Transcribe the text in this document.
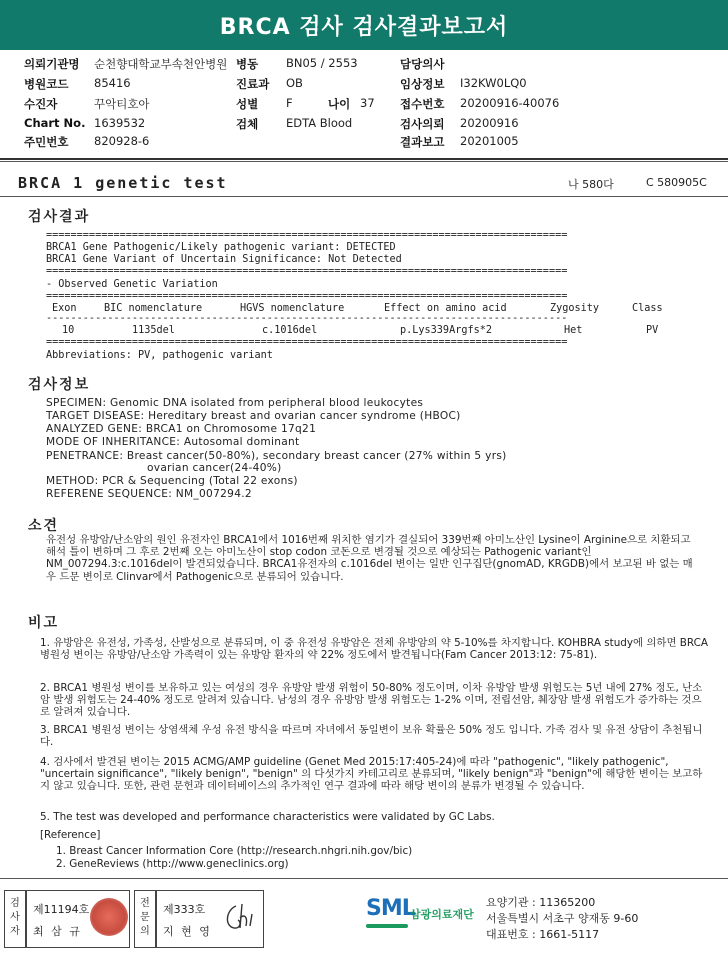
BRCA 검사 검사결과보고서
의뢰기관명 순천향대학교부속천안병원 병동 BN05 / 2553	담당의사
병원코드 85416	진료과 OB	임상정보 I32KW0LQ0
수진자	꾸악티호아	성별 F	나이 37 접수번호 20200916-40076
Chart No. 1639532	검체 EDTA Blood	검사의뢰 20200916
주민번호 820928-6	결과보고 20201005
BRCA 1 genetic test	나 580다	C 580905C
검사결과
=====================================================================================
BRCA1 Gene Pathogenic/Likely pathogenic variant: DETECTED
BRCA1 Gene Variant of Uncertain Significance: Not Detected
=====================================================================================
- Observed Genetic Variation
=====================================================================================
Exon	BIC nomenclature	HGVS nomenclature	Effect on amino acid	Zygosity	Class
-------------------------------------------------------------------------------------
10	1135del	c.1016del	p.Lys339Argfs*2	Het	PV
=====================================================================================
Abbreviations: PV, pathogenic variant
검사정보
SPECIMEN: Genomic DNA isolated from peripheral blood leukocytes
TARGET DISEASE: Hereditary breast and ovarian cancer syndrome (HBOC)
ANALYZED GENE: BRCA1 on Chromosome 17q21
MODE OF INHERITANCE: Autosomal dominant
PENETRANCE: Breast cancer(50-80%), secondary breast cancer (27% within 5 yrs)
ovarian cancer(24-40%)
METHOD: PCR & Sequencing (Total 22 exons)
REFERENE SEQUENCE: NM_007294.2
소견
유전성 유방암/난소암의 원인 유전자인 BRCA1에서 1016번째 위치한 염기가 결실되어 339번째 아미노산인 Lysine이 Arginine으로 치환되고 해석 틀이 변하며 그 후로 2번째 오는 아미노산이 stop codon 코돈으로 변경될 것으로 예상되는 Pathogenic variant인 NM_007294.3:c.1016del이 발견되었습니다. BRCA1유전자의 c.1016del 변이는 일반 인구집단(gnomAD, KRGDB)에서 보고된 바 없는 매우 드문 변이로 Clinvar에서 Pathogenic으로 분류되어 있습니다.
비고
1. 유방암은 유전성, 가족성, 산발성으로 분류되며, 이 중 유전성 유방암은 전체 유방암의 약 5-10%를 차지합니다. KOHBRA study에 의하면 BRCA 병원성 변이는 유방암/난소암 가족력이 있는 유방암 환자의 약 22% 정도에서 발견됩니다(Fam Cancer 2013:12: 75-81).
2. BRCA1 병원성 변이를 보유하고 있는 여성의 경우 유방암 발생 위험이 50-80% 정도이며, 이차 유방암 발생 위험도는 5년 내에 27% 정도, 난소암 발생 위험도는 24-40% 정도로 알려져 있습니다. 남성의 경우 유방암 발생 위험도는 1-2% 이며, 전립선암, 췌장암 발생 위험도가 증가하는 것으로 알려져 있습니다.
3. BRCA1 병원성 변이는 상염색체 우성 유전 방식을 따르며 자녀에서 동일변이 보유 확률은 50% 정도 입니다. 가족 검사 및 유전 상담이 추천됩니다.
4. 검사에서 발견된 변이는 2015 ACMG/AMP guideline (Genet Med 2015:17:405-24)에 따라 "pathogenic", "likely pathogenic", "uncertain significance", "likely benign", "benign" 의 다섯가지 카테고리로 분류되며, "likely benign"과 "benign"에 해당한 변이는 보고하지 않고 있습니다. 또한, 관련 문헌과 데이터베이스의 추가적인 연구 결과에 따라 해당 변이의 분류가 변경될 수 있습니다.
5. The test was developed and performance characteristics were validated by GC Labs.
[Reference]
1. Breast Cancer Information Core (http://research.nhgri.nih.gov/bic)
2. GeneReviews (http://www.geneclinics.org)
검사자
제11194호
최 삼 규
전문의
제333호
지 현 영
SML
삼광의료재단
요양기관 : 11365200
서울특별시 서초구 양재동 9-60
대표번호 : 1661-5117
